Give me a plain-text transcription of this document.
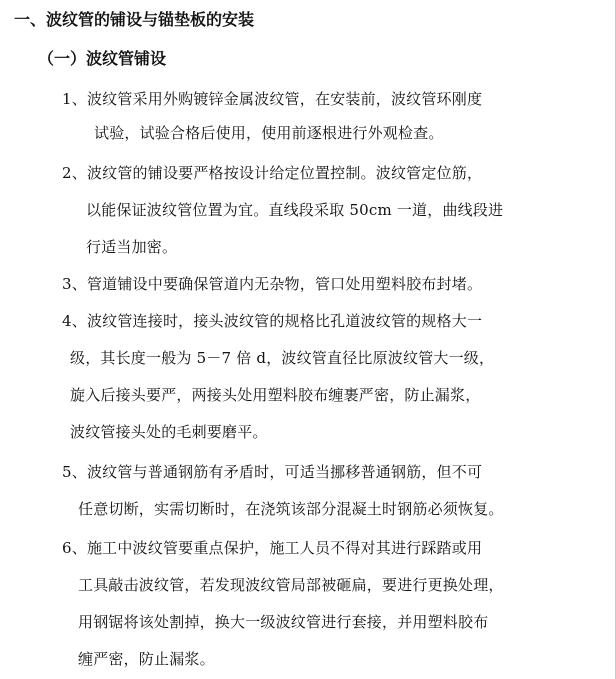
一、波纹管的铺设与锚垫板的安装
（一）波纹管铺设
1、波纹管采用外购镀锌金属波纹管，在安装前，波纹管环刚度
试验，试验合格后使用，使用前逐根进行外观检查。
2、波纹管的铺设要严格按设计给定位置控制。波纹管定位筋，
以能保证波纹管位置为宜。直线段采取 50cm 一道，曲线段进
行适当加密。
3、管道铺设中要确保管道内无杂物，管口处用塑料胶布封堵。
4、波纹管连接时，接头波纹管的规格比孔道波纹管的规格大一
级，其长度一般为 5－7 倍 d，波纹管直径比原波纹管大一级，
旋入后接头要严，两接头处用塑料胶布缠裹严密，防止漏浆，
波纹管接头处的毛刺要磨平。
5、波纹管与普通钢筋有矛盾时，可适当挪移普通钢筋，但不可
任意切断，实需切断时，在浇筑该部分混凝土时钢筋必须恢复。
6、施工中波纹管要重点保护，施工人员不得对其进行踩踏或用
工具敲击波纹管，若发现波纹管局部被砸扁，要进行更换处理，
用钢锯将该处割掉，换大一级波纹管进行套接，并用塑料胶布
缠严密，防止漏浆。
